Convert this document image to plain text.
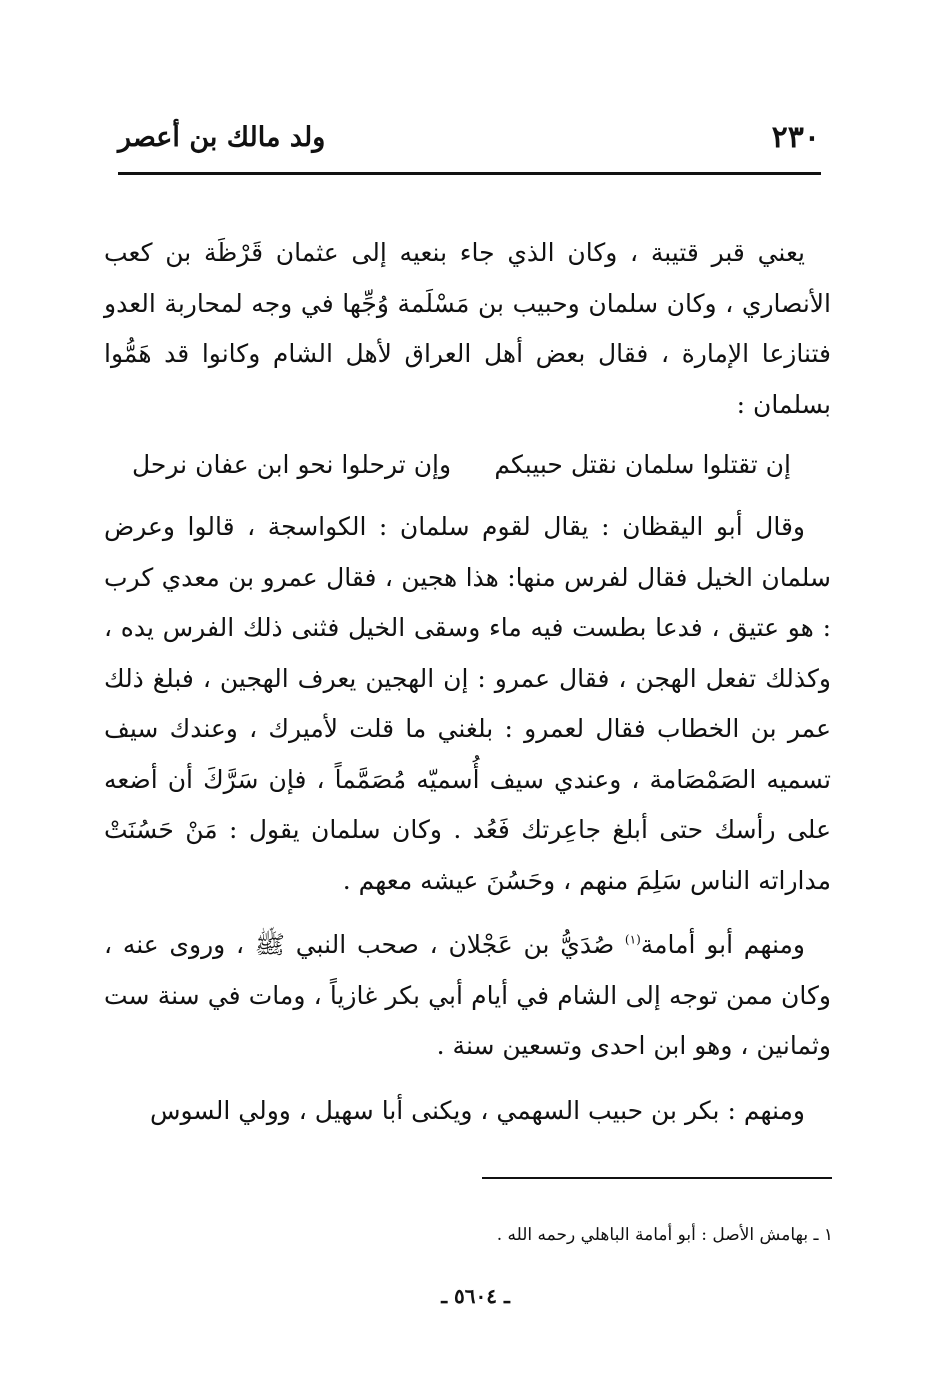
٢٣٠
ولد مالك بن أعصر

يعني قبر قتيبة ، وكان الذي جاء بنعيه إلى عثمان قَرْظَة بن كعب الأنصاري ، وكان سلمان وحبيب بن مَسْلَمة وُجِّها في وجه لمحاربة العدو فتنازعا الإمارة ، فقال بعض أهل العراق لأهل الشام وكانوا قد هَمُّوا بسلمان :

إن تقتلوا سلمان نقتل حبيبكم
وإن ترحلوا نحو ابن عفان نرحل

وقال أبو اليقظان : يقال لقوم سلمان : الكواسجة ، قالوا وعرض سلمان الخيل فقال لفرس منها: هذا هجين ، فقال عمرو بن معدي كرب : هو عتيق ، فدعا بطست فيه ماء وسقى الخيل فثنى ذلك الفرس يده ، وكذلك تفعل الهجن ، فقال عمرو : إن الهجين يعرف الهجين ، فبلغ ذلك عمر بن الخطاب فقال لعمرو : بلغني ما قلت لأميرك ، وعندك سيف تسميه الصَمْصَامة ، وعندي سيف أُسميّه مُصَمَّماً ، فإن سَرَّكَ أن أضعه على رأسك حتى أبلغ جاعِرتك فَعُد . وكان سلمان يقول : مَنْ حَسُنَتْ مداراته الناس سَلِمَ منهم ، وحَسُنَ عيشه معهم .

ومنهم أبو أمامة$^{(١)}$ صُدَيُّ بن عَجْلان ، صحب النبي ﷺ ، وروى عنه ، وكان ممن توجه إلى الشام في أيام أبي بكر غازياً ، ومات في سنة ست وثمانين ، وهو ابن احدى وتسعين سنة .

ومنهم : بكر بن حبيب السهمي ، ويكنى أبا سهيل ، وولي السوس

١ ـ بهامش الأصل : أبو أمامة الباهلي رحمه الله .
ـ ٥٦٠٤ ـ
